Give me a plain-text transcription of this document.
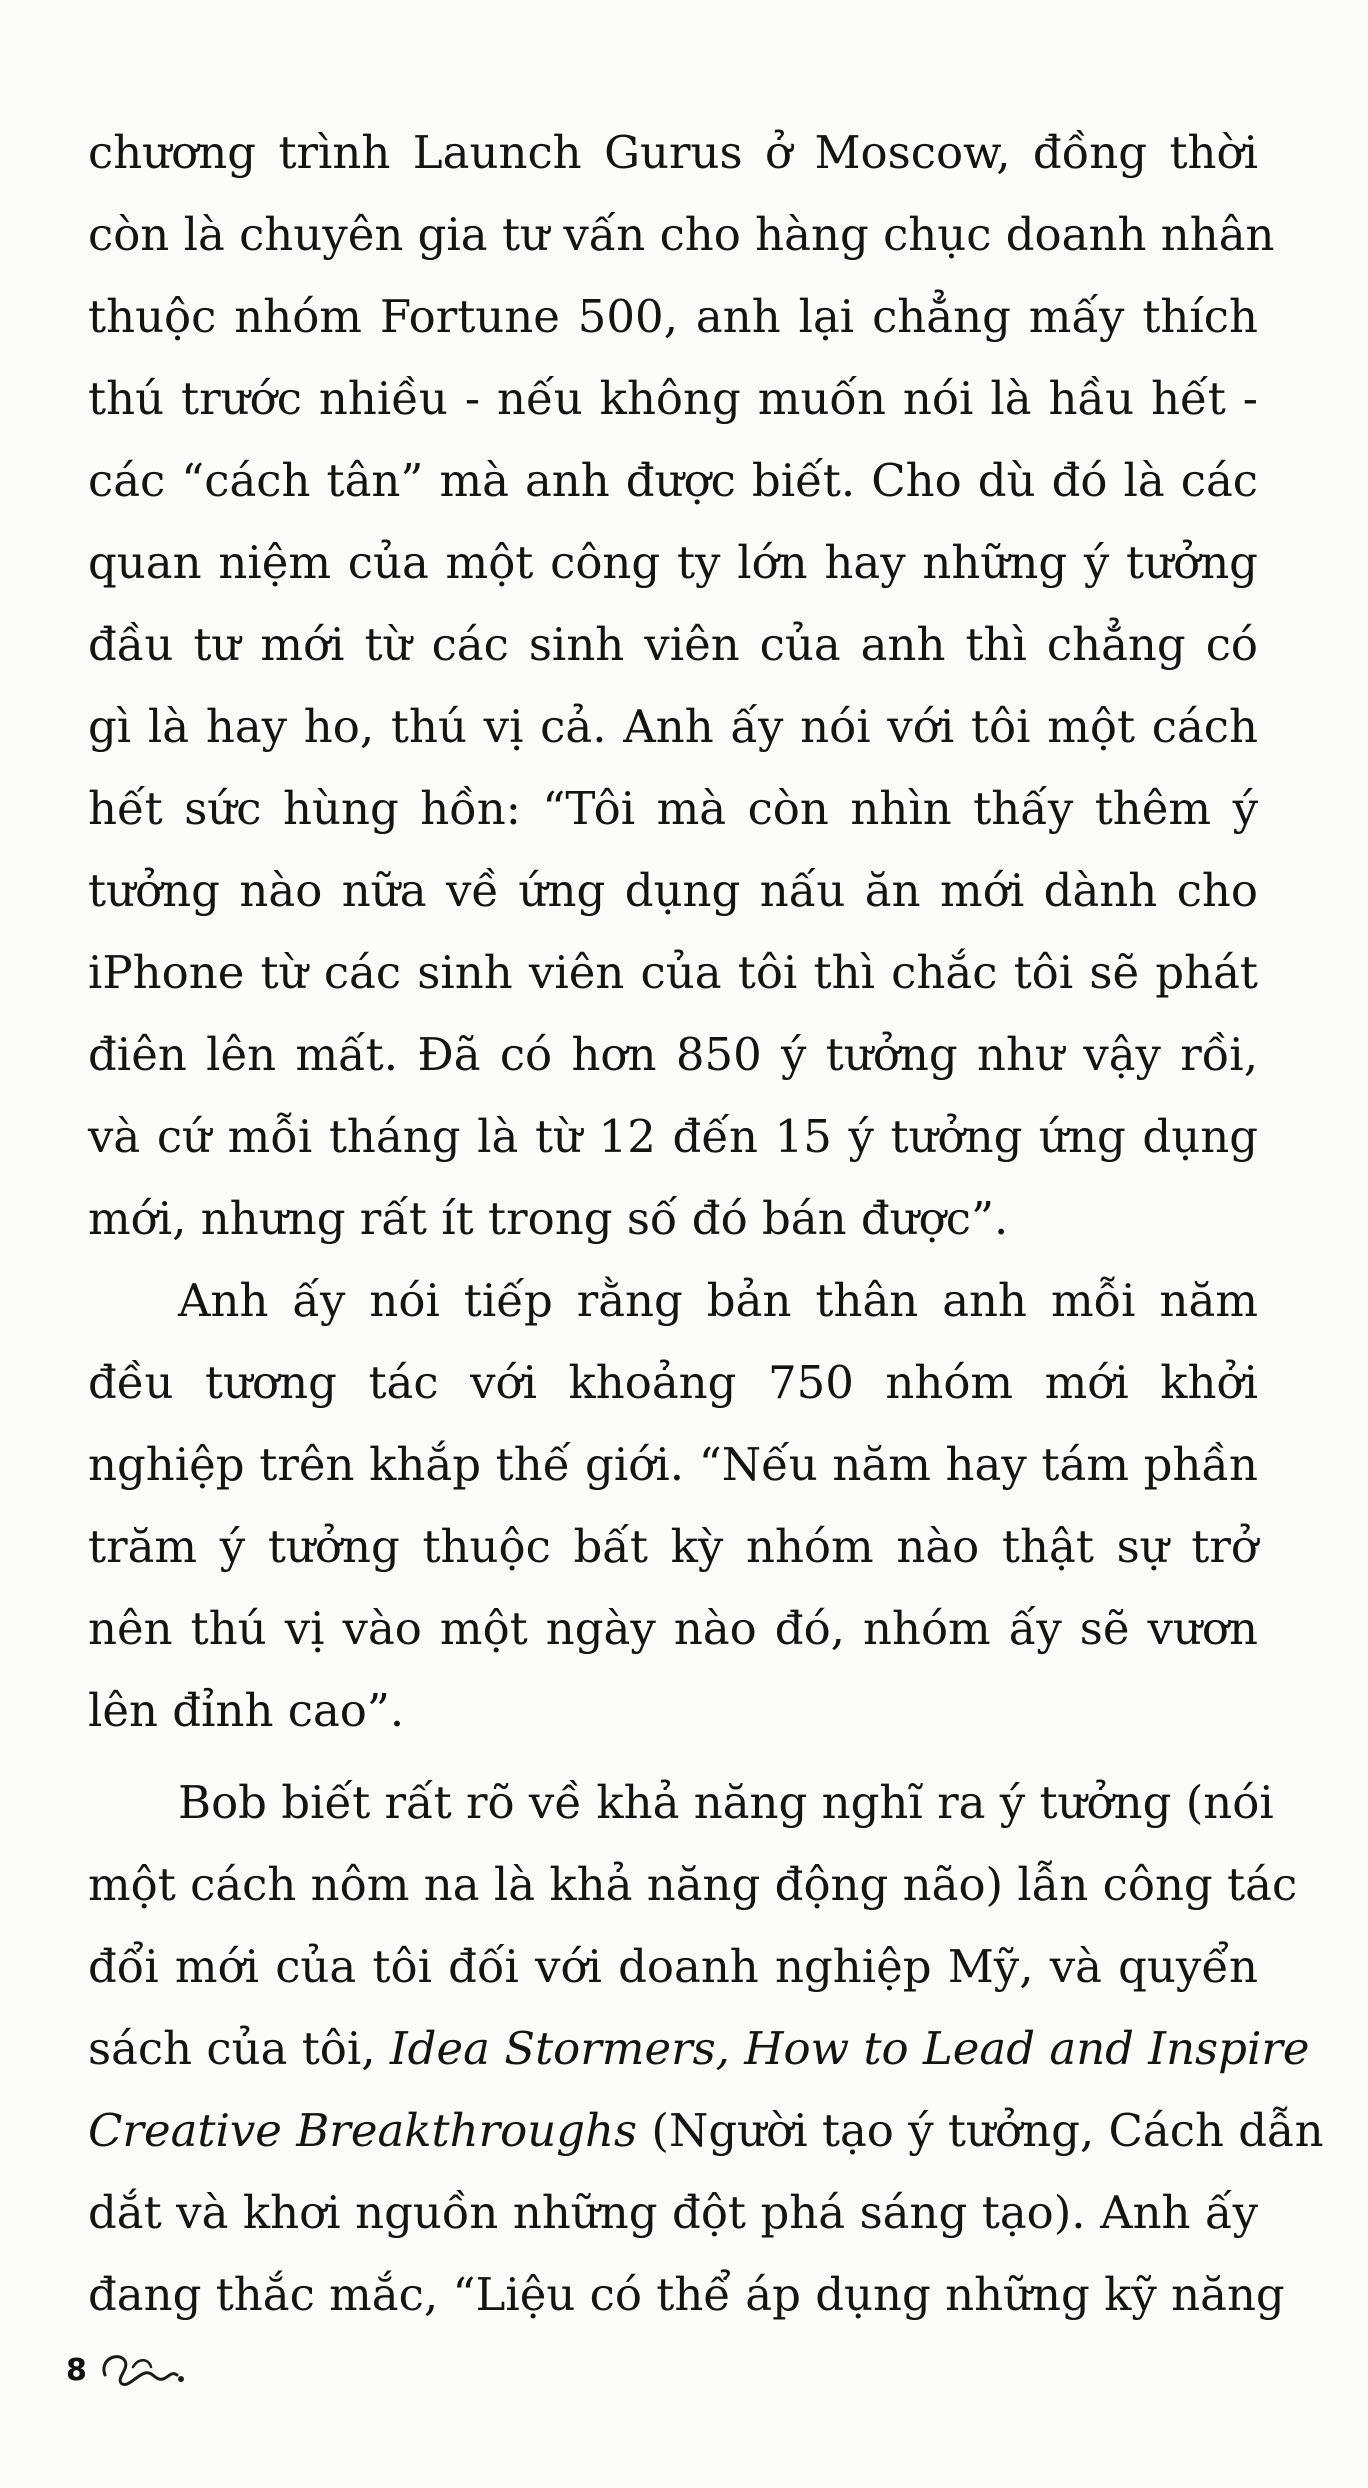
chương trình Launch Gurus ở Moscow, đồng thời
còn là chuyên gia tư vấn cho hàng chục doanh nhân
thuộc nhóm Fortune 500, anh lại chẳng mấy thích
thú trước nhiều - nếu không muốn nói là hầu hết -
các “cách tân” mà anh được biết. Cho dù đó là các
quan niệm của một công ty lớn hay những ý tưởng
đầu tư mới từ các sinh viên của anh thì chẳng có
gì là hay ho, thú vị cả. Anh ấy nói với tôi một cách
hết sức hùng hồn: “Tôi mà còn nhìn thấy thêm ý
tưởng nào nữa về ứng dụng nấu ăn mới dành cho
iPhone từ các sinh viên của tôi thì chắc tôi sẽ phát
điên lên mất. Đã có hơn 850 ý tưởng như vậy rồi,
và cứ mỗi tháng là từ 12 đến 15 ý tưởng ứng dụng
mới, nhưng rất ít trong số đó bán được”.
Anh ấy nói tiếp rằng bản thân anh mỗi năm
đều tương tác với khoảng 750 nhóm mới khởi
nghiệp trên khắp thế giới. “Nếu năm hay tám phần
trăm ý tưởng thuộc bất kỳ nhóm nào thật sự trở
nên thú vị vào một ngày nào đó, nhóm ấy sẽ vươn
lên đỉnh cao”.
Bob biết rất rõ về khả năng nghĩ ra ý tưởng (nói
một cách nôm na là khả năng động não) lẫn công tác
đổi mới của tôi đối với doanh nghiệp Mỹ, và quyển
sách của tôi, Idea Stormers, How to Lead and Inspire
Creative Breakthroughs (Người tạo ý tưởng, Cách dẫn
dắt và khơi nguồn những đột phá sáng tạo). Anh ấy
đang thắc mắc, “Liệu có thể áp dụng những kỹ năng
8
